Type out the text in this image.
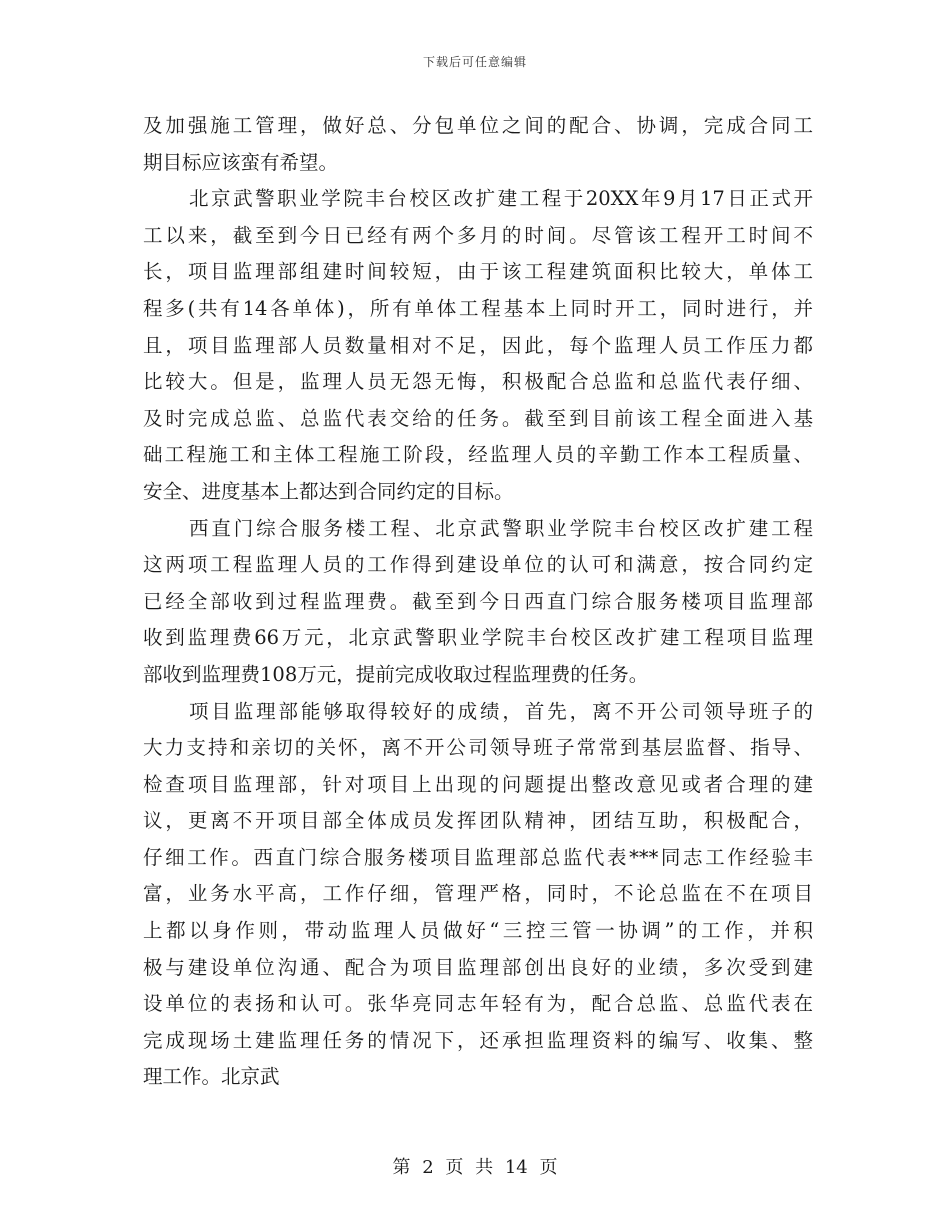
下载后可任意编辑

及加强施工管理，做好总、分包单位之间的配合、协调，完成合同工
期目标应该蛮有希望。

北京武警职业学院丰台校区改扩建工程于20XX年9月17日正式开
工以来，截至到今日已经有两个多月的时间。尽管该工程开工时间不
长，项目监理部组建时间较短，由于该工程建筑面积比较大，单体工
程多(共有14各单体)，所有单体工程基本上同时开工，同时进行，并
且，项目监理部人员数量相对不足，因此，每个监理人员工作压力都
比较大。但是，监理人员无怨无悔，积极配合总监和总监代表仔细、
及时完成总监、总监代表交给的任务。截至到目前该工程全面进入基
础工程施工和主体工程施工阶段，经监理人员的辛勤工作本工程质量、
安全、进度基本上都达到合同约定的目标。

西直门综合服务楼工程、北京武警职业学院丰台校区改扩建工程
这两项工程监理人员的工作得到建设单位的认可和满意，按合同约定
已经全部收到过程监理费。截至到今日西直门综合服务楼项目监理部
收到监理费66万元，北京武警职业学院丰台校区改扩建工程项目监理
部收到监理费108万元，提前完成收取过程监理费的任务。

项目监理部能够取得较好的成绩，首先，离不开公司领导班子的
大力支持和亲切的关怀，离不开公司领导班子常常到基层监督、指导、
检查项目监理部，针对项目上出现的问题提出整改意见或者合理的建
议，更离不开项目部全体成员发挥团队精神，团结互助，积极配合，
仔细工作。西直门综合服务楼项目监理部总监代表***同志工作经验丰
富，业务水平高，工作仔细，管理严格，同时，不论总监在不在项目
上都以身作则，带动监理人员做好“三控三管一协调”的工作，并积
极与建设单位沟通、配合为项目监理部创出良好的业绩，多次受到建
设单位的表扬和认可。张华亮同志年轻有为，配合总监、总监代表在
完成现场土建监理任务的情况下，还承担监理资料的编写、收集、整
理工作。北京武

第 2 页 共 14 页
